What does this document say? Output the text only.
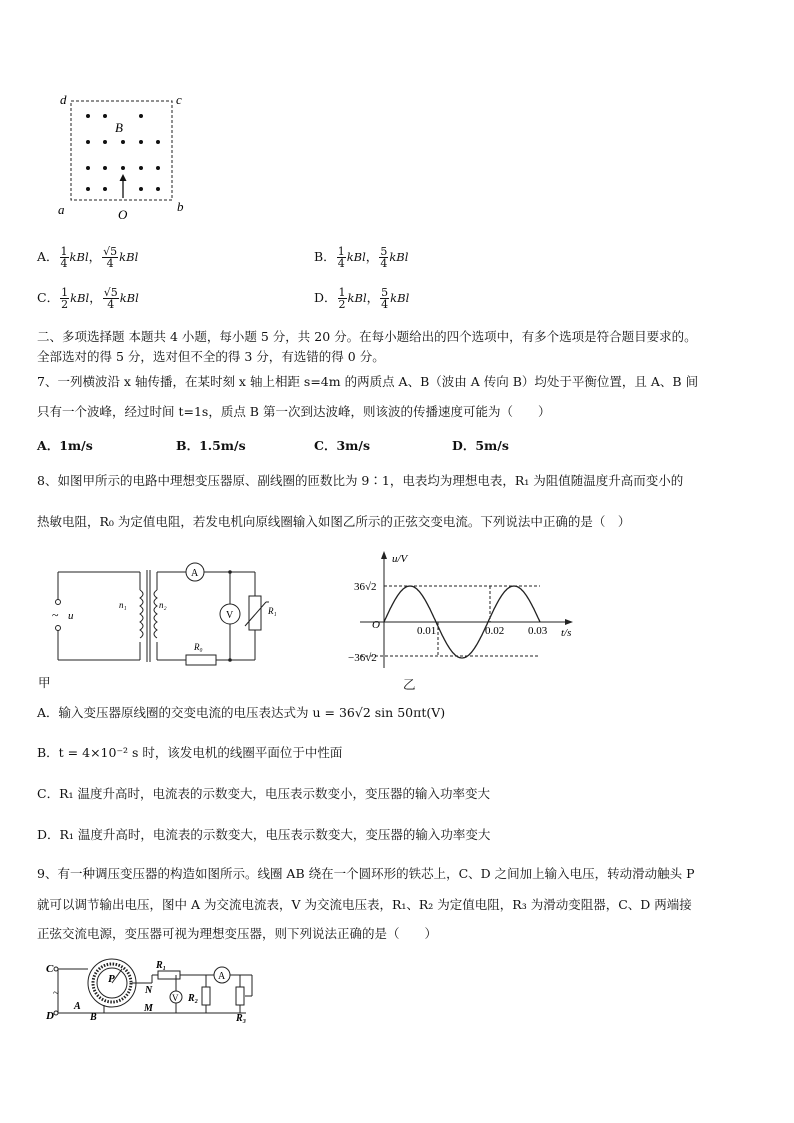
d	c
a	b
B
O
A． $\frac{1}{4}$ kBl， $\frac{√5}{4}$ kBl	B． $\frac{1}{4}$ kBl， $\frac{5}{4}$ kBl
C． $\frac{1}{2}$ kBl， $\frac{√5}{4}$ kBl	D． $\frac{1}{2}$ kBl， $\frac{5}{4}$ kBl
二、多项选择题 本题共 4 小题，每小题 5 分，共 20 分。在每小题给出的四个选项中，有多个选项是符合题目要求的。
全部选对的得 5 分，选对但不全的得 3 分，有选错的得 0 分。
7、一列横波沿 x 轴传播，在某时刻 x 轴上相距 s=4m 的两质点 A、B（波由 A 传向 B）均处于平衡位置，且 A、B 间
只有一个波峰，经过时间 t=1s，质点 B 第一次到达波峰，则该波的传播速度可能为（　　）
A．1m/s	B．1.5m/s	C．3m/s	D．5m/s
8、如图甲所示的电路中理想变压器原、副线圈的匝数比为 9∶1，电表均为理想电表，R₁ 为阻值随温度升高而变小的
热敏电阻，R₀ 为定值电阻，若发电机向原线圈输入如图乙所示的正弦交变电流。下列说法中正确的是（　）
~ u
n₁	n₂
A
V	R₁
R₀
甲
u/V
t/s
O
36√2
−36√2
0.01	0.02 0.03
乙
A．输入变压器原线圈的交变电流的电压表达式为 u = 36√2 sin 50πt(V)
B．t = 4×10⁻² s 时，该发电机的线圈平面位于中性面
C．R₁ 温度升高时，电流表的示数变大，电压表示数变小，变压器的输入功率变大
D．R₁ 温度升高时，电流表的示数变大，电压表示数变大，变压器的输入功率变大
9、有一种调压变压器的构造如图所示。线圈 AB 绕在一个圆环形的铁芯上，C、D 之间加上输入电压，转动滑动触头 P
就可以调节输出电压，图中 A 为交流电流表，V 为交流电压表，R₁、R₂ 为定值电阻，R₃ 为滑动变阻器，C、D 两端接
正弦交流电源，变压器可视为理想变压器，则下列说法正确的是（　　）
~
C
D
A
B
P
N
M
R₁
R₂
R₃
A
V
